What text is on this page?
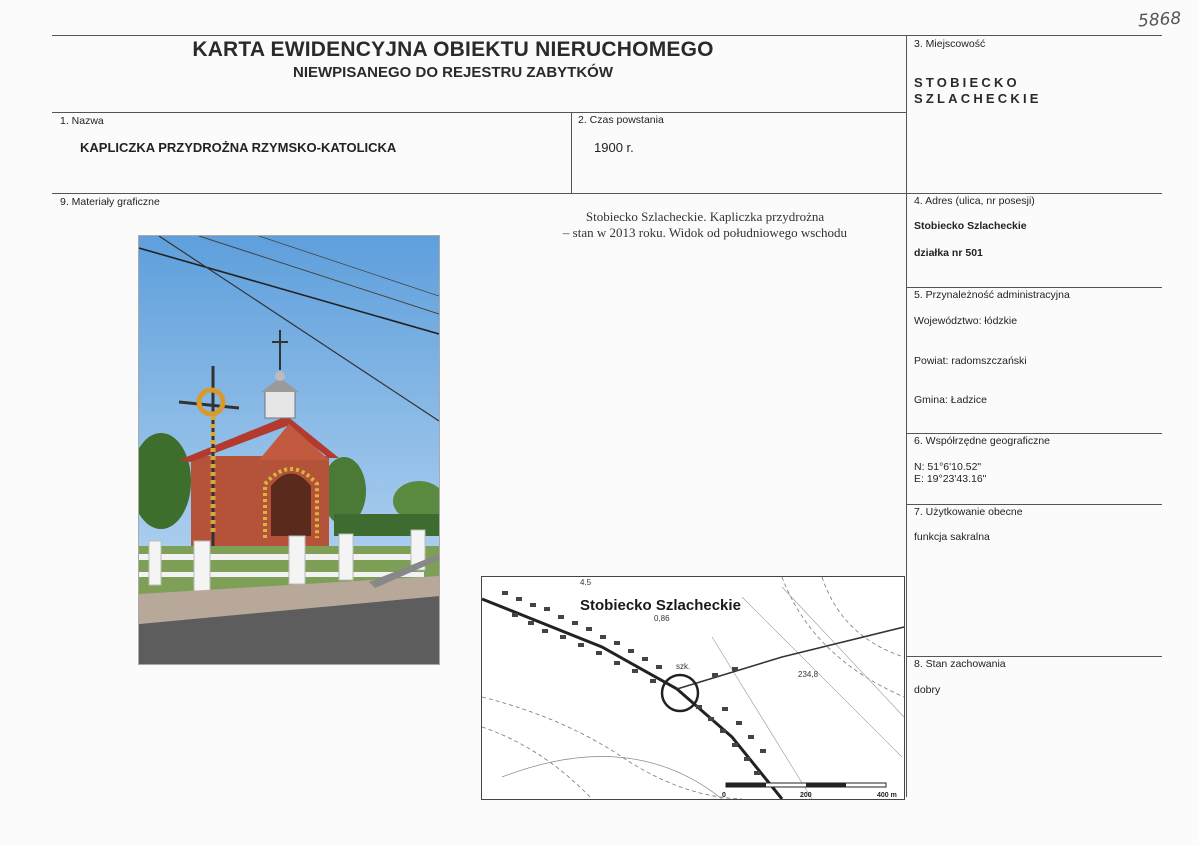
5868
KARTA EWIDENCYJNA OBIEKTU NIERUCHOMEGO
NIEWPISANEGO DO REJESTRU ZABYTKÓW
3. Miejscowość
STOBIECKO
SZLACHECKIE
1. Nazwa
KAPLICZKA PRZYDROŻNA RZYMSKO-KATOLICKA
2. Czas powstania
1900 r.
9. Materiały graficzne	4. Adres (ulica, nr posesji)
Stobiecko Szlacheckie
działka nr 501
5. Przynależność administracyjna
Województwo: łódzkie
Powiat: radomszczański
Gmina: Ładzice
6. Współrzędne geograficzne
N: 51°6'10.52"
E: 19°23'43.16"
7. Użytkowanie obecne
funkcja sakralna
8. Stan zachowania
dobry
Stobiecko Szlacheckie. Kapliczka przydrożna
– stan w 2013 roku. Widok od południowego wschodu
Stobiecko Szlacheckie
4.5
0,86
234,8
szk.
0	200	400 m
